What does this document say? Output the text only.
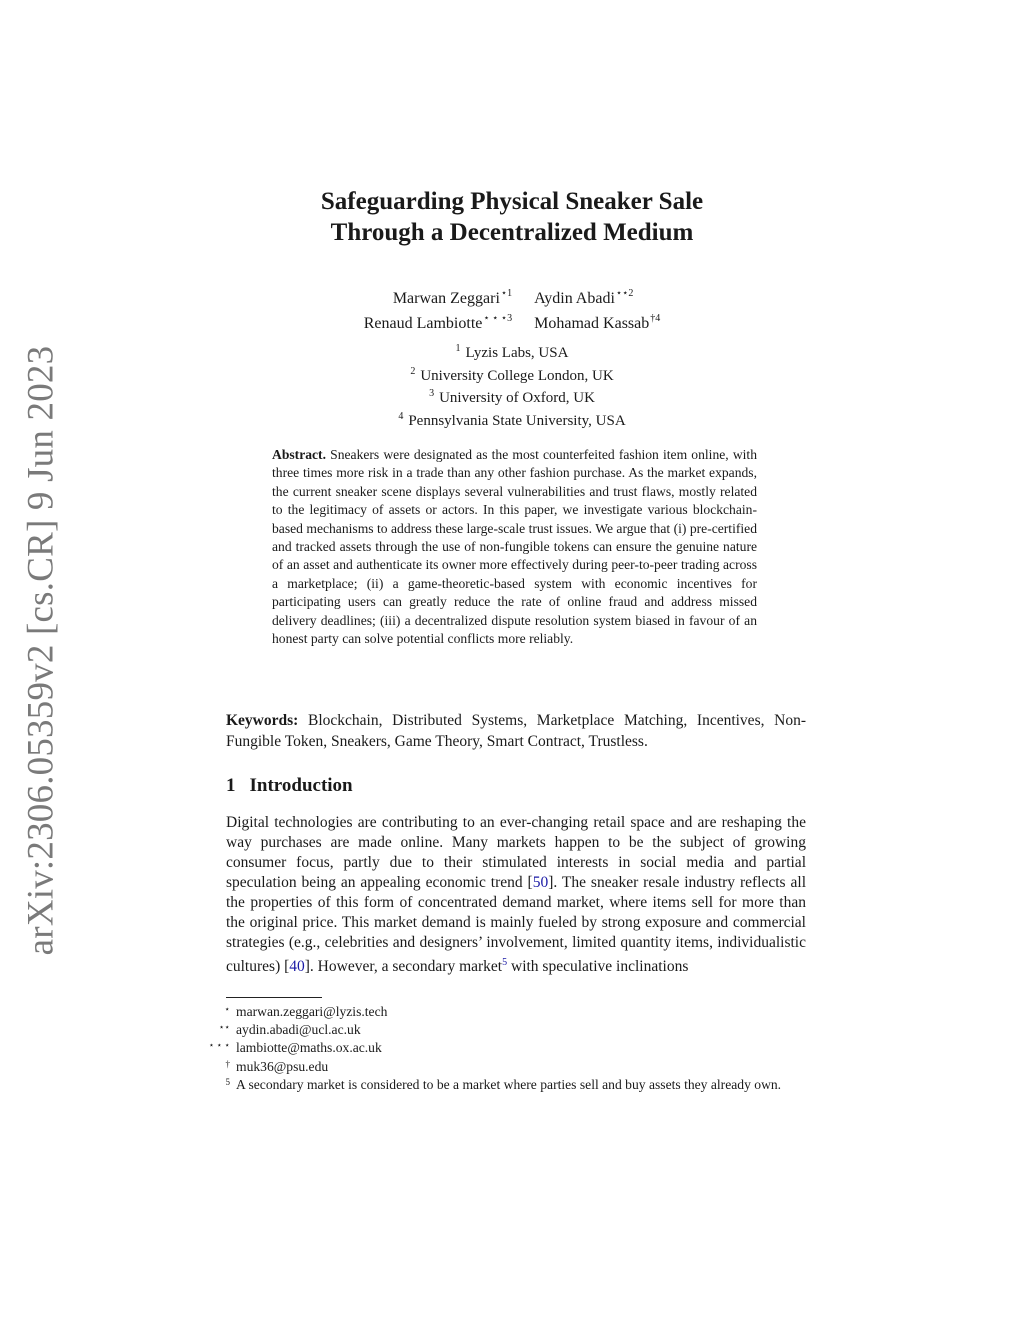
arXiv:2306.05359v2 [cs.CR] 9 Jun 2023
Safeguarding Physical Sneaker Sale
Through a Decentralized Medium
Marwan Zeggari$^{⋆1}$
Renaud Lambiotte$^{⋆ ⋆ ⋆3}$
Aydin Abadi$^{⋆⋆2}$
Mohamad Kassab$^{\dagger 4}$
$^1$ Lyzis Labs, USA
$^2$ University College London, UK
$^3$ University of Oxford, UK
$^4$ Pennsylvania State University, USA
Abstract. Sneakers were designated as the most counterfeited fashion item online, with three times more risk in a trade than any other fashion purchase. As the market expands, the current sneaker scene displays several vulnerabilities and trust flaws, mostly related to the legitimacy of assets or actors. In this paper, we investigate various blockchain-based mechanisms to address these large-scale trust issues. We argue that (i) pre-certified and tracked assets through the use of non-fungible tokens can ensure the genuine nature of an asset and authenticate its owner more effectively during peer-to-peer trading across a marketplace; (ii) a game-theoretic-based system with economic incentives for participating users can greatly reduce the rate of online fraud and address missed delivery deadlines; (iii) a decentralized dispute resolution system biased in favour of an honest party can solve potential conflicts more reliably.
Keywords: Blockchain, Distributed Systems, Marketplace Matching, Incentives, Non-Fungible Token, Sneakers, Game Theory, Smart Contract, Trustless.
1 Introduction
Digital technologies are contributing to an ever-changing retail space and are reshaping the way purchases are made online. Many markets happen to be the subject of growing consumer focus, partly due to their stimulated interests in social media and partial speculation being an appealing economic trend [50]. The sneaker resale industry reflects all the properties of this form of concentrated demand market, where items sell for more than the original price. This market demand is mainly fueled by strong exposure and commercial strategies (e.g., celebrities and designers’ involvement, limited quantity items, individualistic cultures) [40]. However, a secondary market$^5$ with speculative inclinations
⋆ marwan.zeggari@lyzis.tech
⋆⋆ aydin.abadi@ucl.ac.uk
⋆ ⋆ ⋆ lambiotte@maths.ox.ac.uk
† muk36@psu.edu
5 A secondary market is considered to be a market where parties sell and buy assets they already own.
